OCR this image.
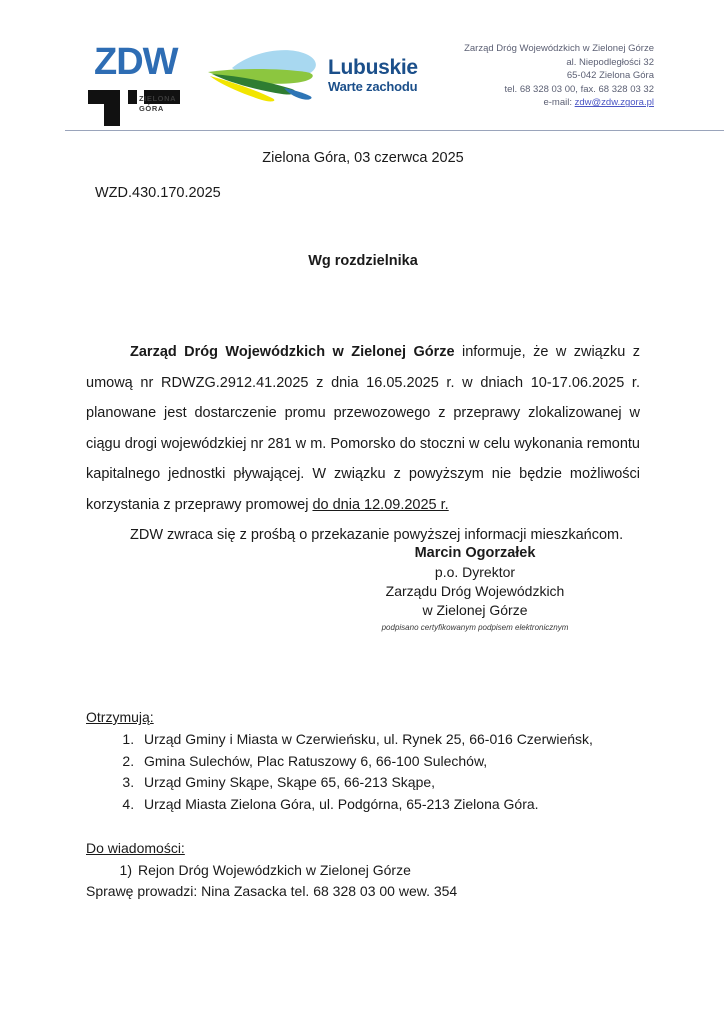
ZDW
ZIELONA
GÓRA
Lubuskie
Warte zachodu
Zarząd Dróg Wojewódzkich w Zielonej Górze
al. Niepodległości 32
65-042 Zielona Góra
tel. 68 328 03 00, fax. 68 328 03 32
e-mail: zdw@zdw.zgora.pl
Zielona Góra, 03 czerwca 2025
WZD.430.170.2025
Wg rozdzielnika

Zarząd Dróg Wojewódzkich w Zielonej Górze informuje, że w związku z umową nr RDWZG.2912.41.2025 z dnia 16.05.2025 r. w dniach 10-17.06.2025 r. planowane jest dostarczenie promu przewozowego z przeprawy zlokalizowanej w ciągu drogi wojewódzkiej nr 281 w m. Pomorsko do stoczni w celu wykonania remontu kapitalnego jednostki pływającej. W związku z powyższym nie będzie możliwości korzystania z przeprawy promowej do dnia 12.09.2025 r.

ZDW zwraca się z prośbą o przekazanie powyższej informacji mieszkańcom.

Marcin Ogorzałek
p.o. Dyrektor
Zarządu Dróg Wojewódzkich
w Zielonej Górze
podpisano certyfikowanym podpisem elektronicznym
Otrzymują:
1. Urząd Gminy i Miasta w Czerwieńsku, ul. Rynek 25, 66-016 Czerwieńsk,
2. Gmina Sulechów, Plac Ratuszowy 6, 66-100 Sulechów,
3. Urząd Gminy Skąpe, Skąpe 65, 66-213 Skąpe,
4. Urząd Miasta Zielona Góra, ul. Podgórna, 65-213 Zielona Góra.
Do wiadomości:
1) Rejon Dróg Wojewódzkich w Zielonej Górze
Sprawę prowadzi: Nina Zasacka tel. 68 328 03 00 wew. 354
